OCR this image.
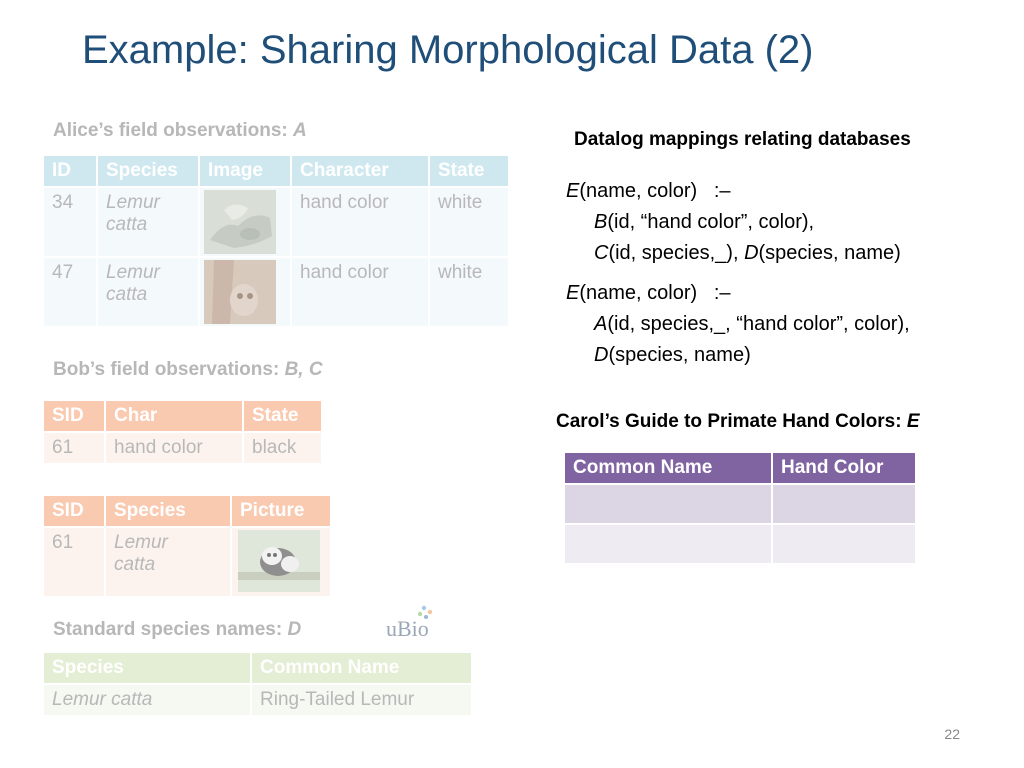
Example: Sharing Morphological Data (2)
Alice’s field observations: A
ID	Species	Image	Character	State
34	Lemur
catta		hand color	white
47	Lemur
catta		hand color	white
Bob’s field observations: B, C
SID	Char	State
61	hand color	black
SID	Species	Picture
61	Lemur
catta	
Standard species names: D	uBio
Species	Common Name
Lemur catta	Ring-Tailed Lemur
Datalog mappings relating databases
E(name, color) :–
B(id, “hand color”, color),
C(id, species,_), D(species, name)
E(name, color) :–
A(id, species,_, “hand color”, color),
D(species, name)
Carol’s Guide to Primate Hand Colors: E
Common Name	Hand Color

22
